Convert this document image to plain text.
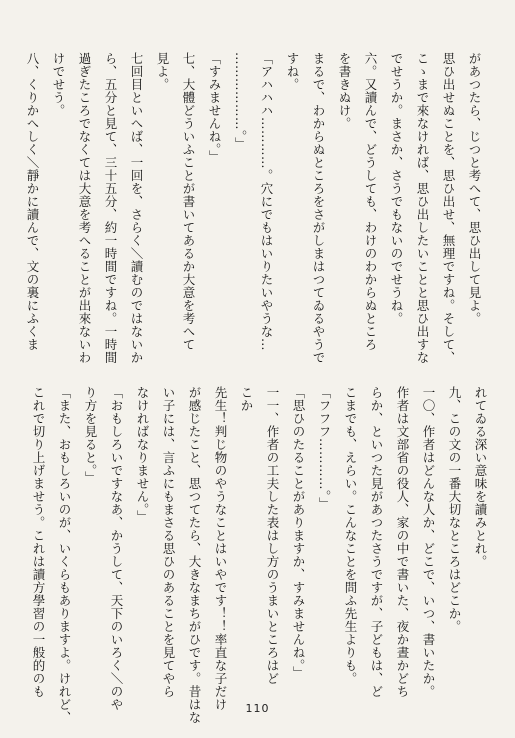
があつたら、じつと考へて、思ひ出して見よ。
思ひ出せぬことを、思ひ出せ、無理ですね。そして、
こゝまで來なければ、思ひ出したいことと思ひ出すな
でせうか。まさか、さうでもないのでせうね。
六。又讀んで、どうしても、わけのわからぬところ
を書きぬけ。
まるで、わからぬところをさがしまはつてゐるやうで
すね。
「アハハハ…………。穴にでもはいりたいやうな…
………………。」
「すみませんね。」
七、大體どういふことが書いてあるか大意を考へて
見よ。
七回目といへば、一回を、さらく＼讀むのではないか
ら、五分と見て、三十五分、約一時間ですね。一時間
過ぎたころでなくては大意を考へることが出來ないわ
けでせう。
八、くりかへしく＼靜かに讀んで、文の裏にふくま
れてゐる深い意味を讀みとれ。
九、この文の一番大切なところはどこか。
一〇、作者はどんな人か、どこで、いつ、書いたか。
作者は文部省の役人、家の中で書いた、夜か晝かどち
らか、といつた見があつたさうですが、子どもは、ど
こまでも、えらい。こんなことを問ふ先生よりも。
「フフフ…………。」
「思ひのたることがありますか、すみませんね。」
一一、作者の工夫した表はし方のうまいところはど
こか
先生！判じ物のやうなことはいやです！！率直な子だけ
が感じたこと、思つてたら、大きなまちがひです。昔はな
い子には、言ふにもまさる思ひのあることを見てやら
なければなりません。」
「おもしろいですなあ、かうして、天下のいろく＼のや
り方を見ると。」
「また、おもしろいのが、いくらもありますよ。けれど、
これで切り上げませう。これは讀方學習の一般的のも
110
